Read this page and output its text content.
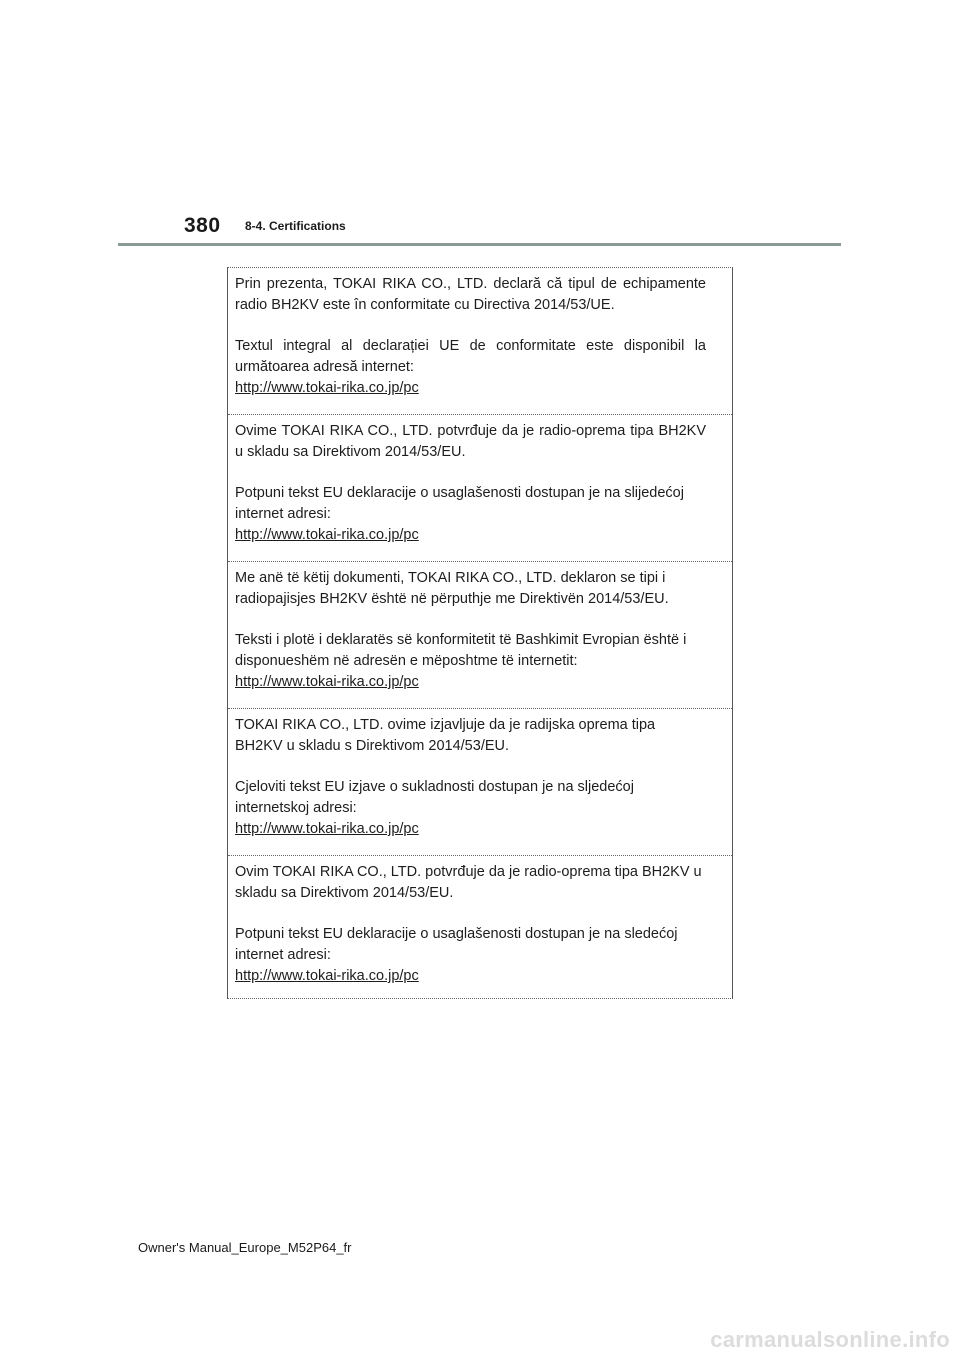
380 8-4. Certifications

Prin prezenta, TOKAI RIKA CO., LTD. declară că tipul de echipamente radio BH2KV este în conformitate cu Directiva 2014/53/UE.

Textul integral al declarației UE de conformitate este disponibil la următoarea adresă internet:

http://www.tokai-rika.co.jp/pc

Ovime TOKAI RIKA CO., LTD. potvrđuje da je radio-oprema tipa BH2KV u skladu sa Direktivom 2014/53/EU.

Potpuni tekst EU deklaracije o usaglašenosti dostupan je na slijedećoj internet adresi:

http://www.tokai-rika.co.jp/pc

Me anë të këtij dokumenti, TOKAI RIKA CO., LTD. deklaron se tipi i radiopajisjes BH2KV është në përputhje me Direktivën 2014/53/EU.

Teksti i plotë i deklaratës së konformitetit të Bashkimit Evropian është i disponueshëm në adresën e mëposhtme të internetit:

http://www.tokai-rika.co.jp/pc

TOKAI RIKA CO., LTD. ovime izjavljuje da je radijska oprema tipa BH2KV u skladu s Direktivom 2014/53/EU.

Cjeloviti tekst EU izjave o sukladnosti dostupan je na sljedećoj internetskoj adresi:

http://www.tokai-rika.co.jp/pc

Ovim TOKAI RIKA CO., LTD. potvrđuje da je radio-oprema tipa BH2KV u skladu sa Direktivom 2014/53/EU.

Potpuni tekst EU deklaracije o usaglašenosti dostupan je na sledećoj internet adresi:

http://www.tokai-rika.co.jp/pc
Owner's Manual_Europe_M52P64_fr
carmanualsonline.info
